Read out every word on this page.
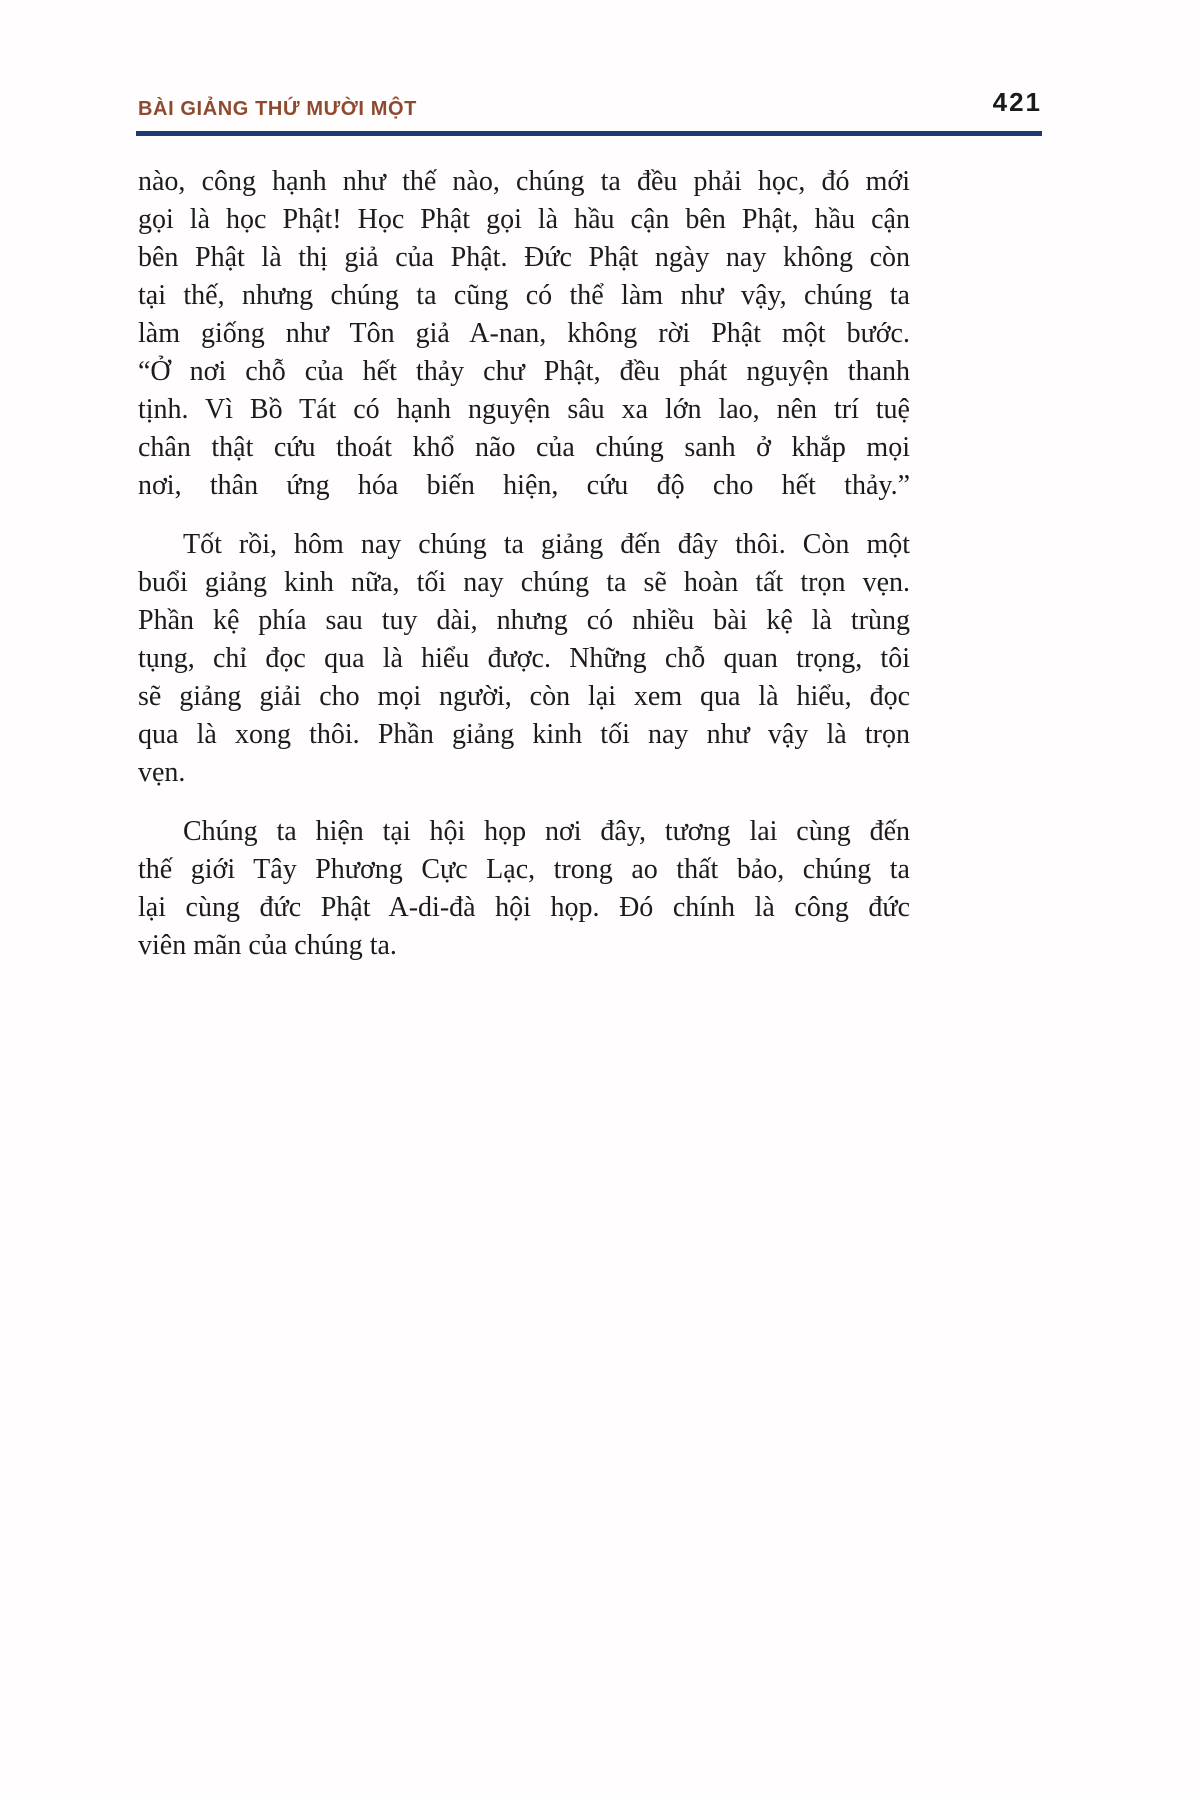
BÀI GIẢNG THỨ MƯỜI MỘT	421
nào, công hạnh như thế nào, chúng ta đều phải học, đó mới
gọi là học Phật! Học Phật gọi là hầu cận bên Phật, hầu cận
bên Phật là thị giả của Phật. Đức Phật ngày nay không còn
tại thế, nhưng chúng ta cũng có thể làm như vậy, chúng ta
làm giống như Tôn giả A-nan, không rời Phật một bước.
“Ở nơi chỗ của hết thảy chư Phật, đều phát nguyện thanh
tịnh. Vì Bồ Tát có hạnh nguyện sâu xa lớn lao, nên trí tuệ
chân thật cứu thoát khổ não của chúng sanh ở khắp mọi
nơi, thân ứng hóa biến hiện, cứu độ cho hết thảy.”
Tốt rồi, hôm nay chúng ta giảng đến đây thôi. Còn một
buổi giảng kinh nữa, tối nay chúng ta sẽ hoàn tất trọn vẹn.
Phần kệ phía sau tuy dài, nhưng có nhiều bài kệ là trùng
tụng, chỉ đọc qua là hiểu được. Những chỗ quan trọng, tôi
sẽ giảng giải cho mọi người, còn lại xem qua là hiểu, đọc
qua là xong thôi. Phần giảng kinh tối nay như vậy là trọn
vẹn.
Chúng ta hiện tại hội họp nơi đây, tương lai cùng đến
thế giới Tây Phương Cực Lạc, trong ao thất bảo, chúng ta
lại cùng đức Phật A-di-đà hội họp. Đó chính là công đức
viên mãn của chúng ta.
